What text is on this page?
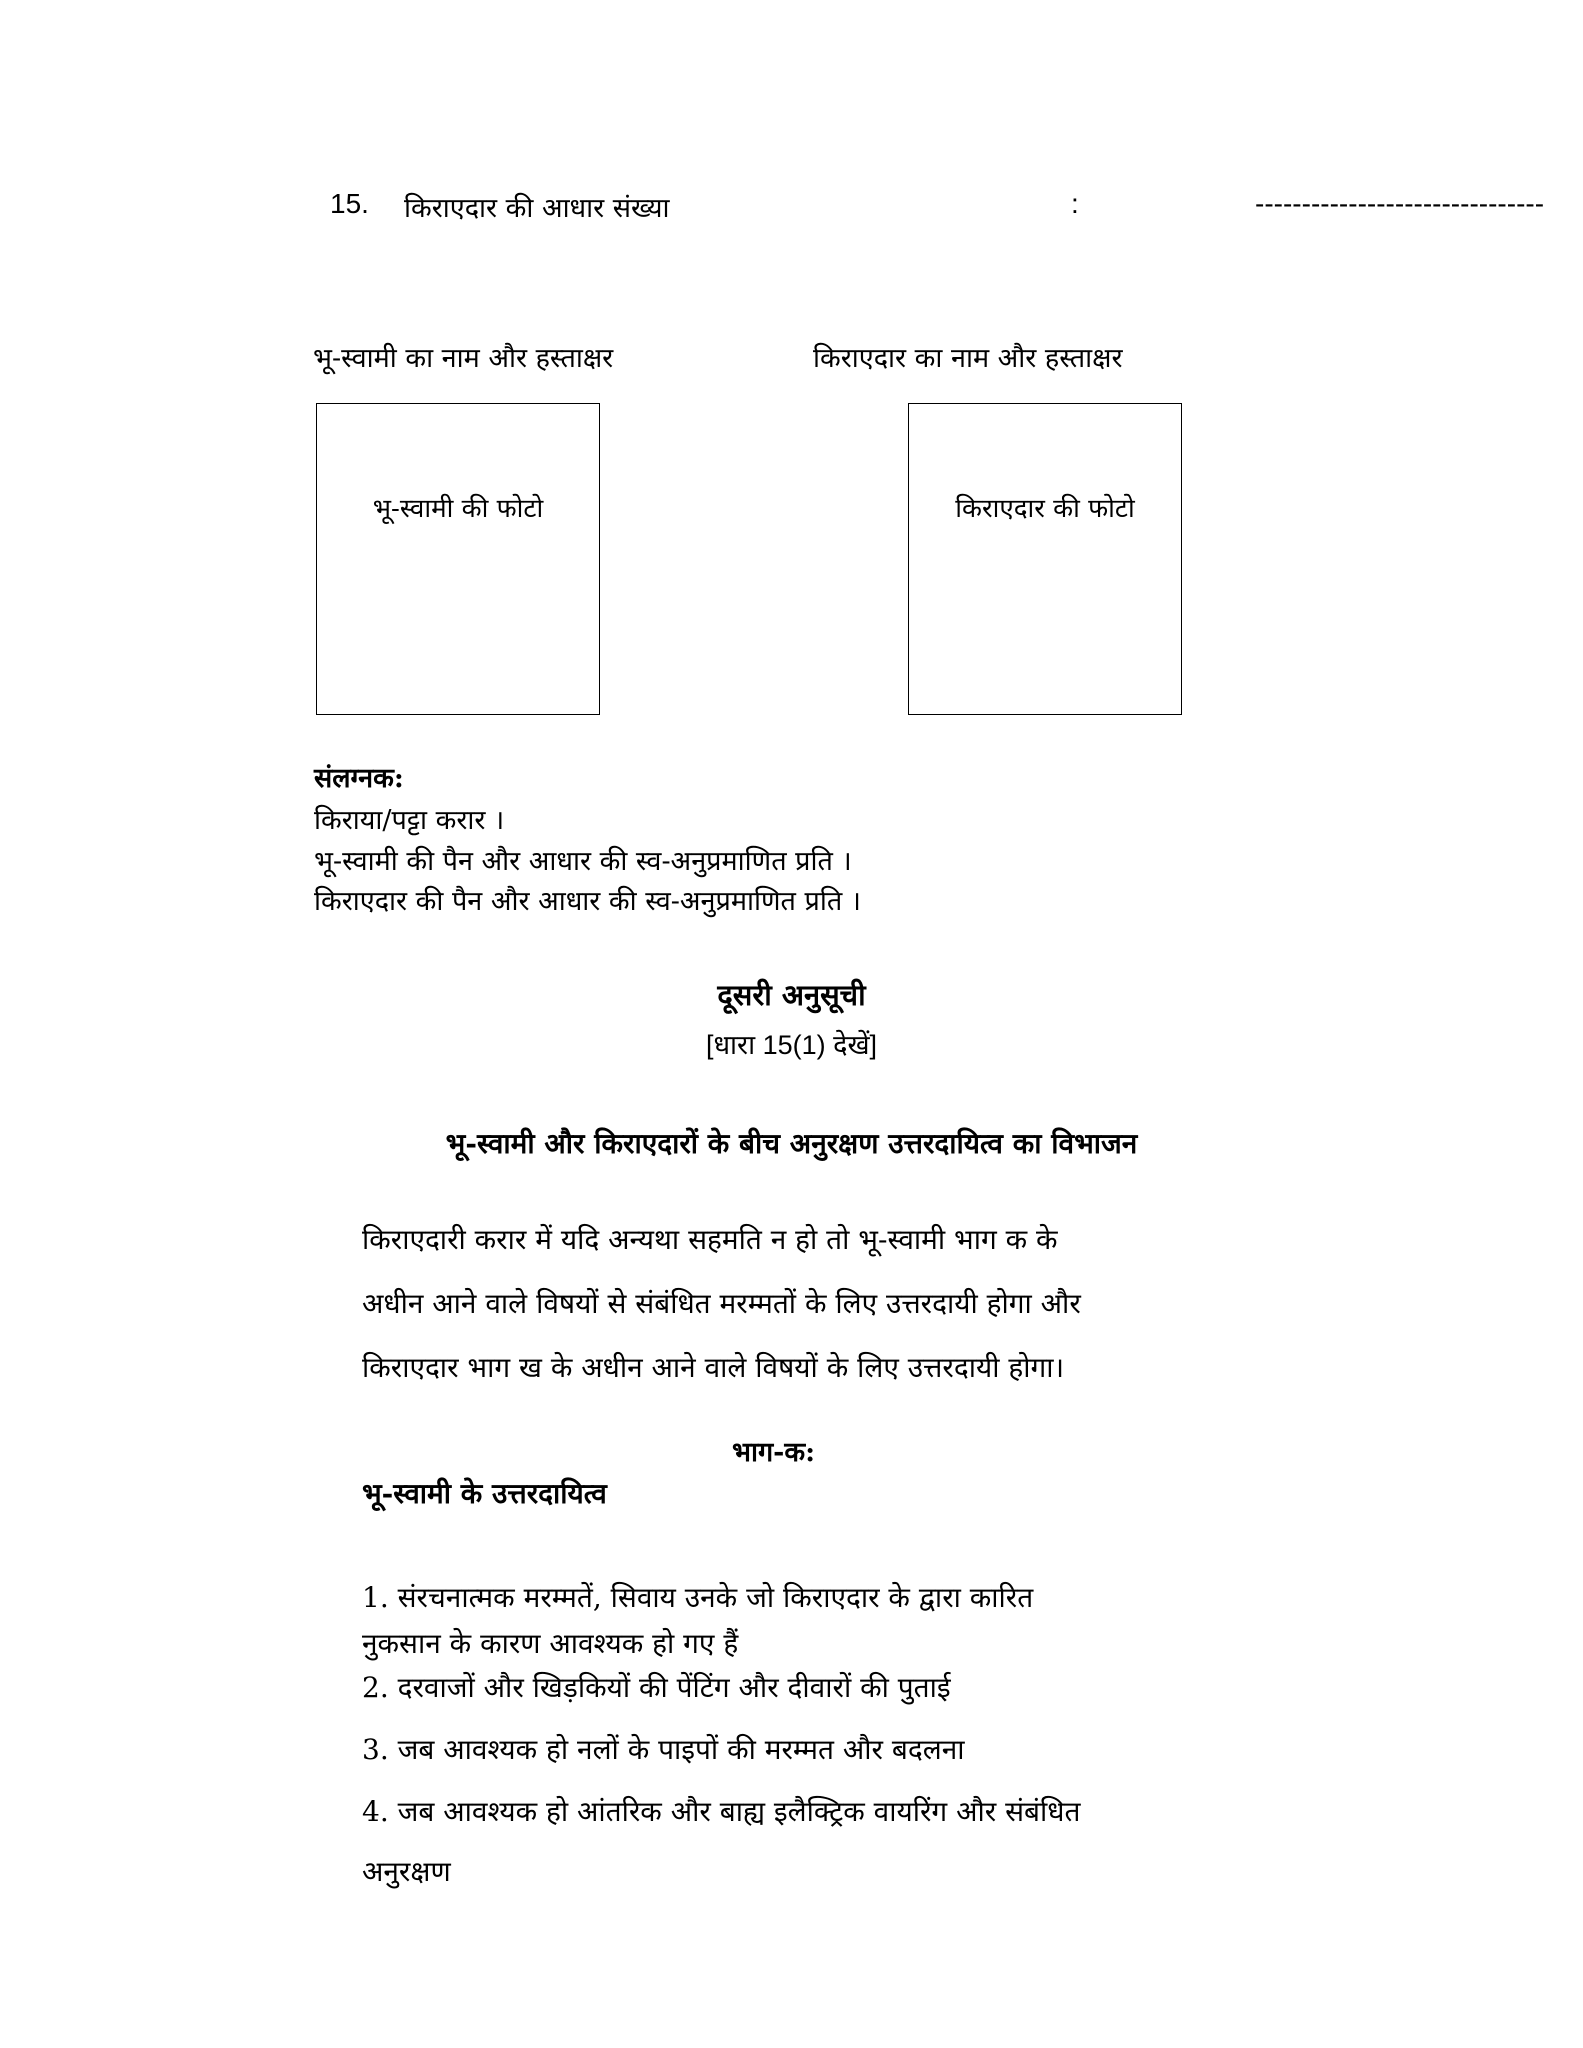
15. किराएदार की आधार संख्या	:	-------------------------------
भू-स्वामी का नाम और हस्ताक्षर	किराएदार का नाम और हस्ताक्षर
भू-स्वामी की फोटो	किराएदार की फोटो
संलग्नक:
किराया/पट्टा करार ।
भू-स्वामी की पैन और आधार की स्व-अनुप्रमाणित प्रति ।
किराएदार की पैन और आधार की स्व-अनुप्रमाणित प्रति ।
दूसरी अनुसूची
[धारा 15(1) देखें]
भू-स्वामी और किराएदारों के बीच अनुरक्षण उत्तरदायित्व का विभाजन
किराएदारी करार में यदि अन्यथा सहमति न हो तो भू-स्वामी भाग क के
अधीन आने वाले विषयों से संबंधित मरम्मतों के लिए उत्तरदायी होगा और
किराएदार भाग ख के अधीन आने वाले विषयों के लिए उत्तरदायी होगा।
भाग-क:
भू-स्वामी के उत्तरदायित्व
1. संरचनात्मक मरम्मतें, सिवाय उनके जो किराएदार के द्वारा कारित
नुकसान के कारण आवश्यक हो गए हैं
2. दरवाजों और खिड़कियों की पेंटिंग और दीवारों की पुताई
3. जब आवश्यक हो नलों के पाइपों की मरम्मत और बदलना
4. जब आवश्यक हो आंतरिक और बाह्य इलैक्ट्रिक वायरिंग और संबंधित
अनुरक्षण
